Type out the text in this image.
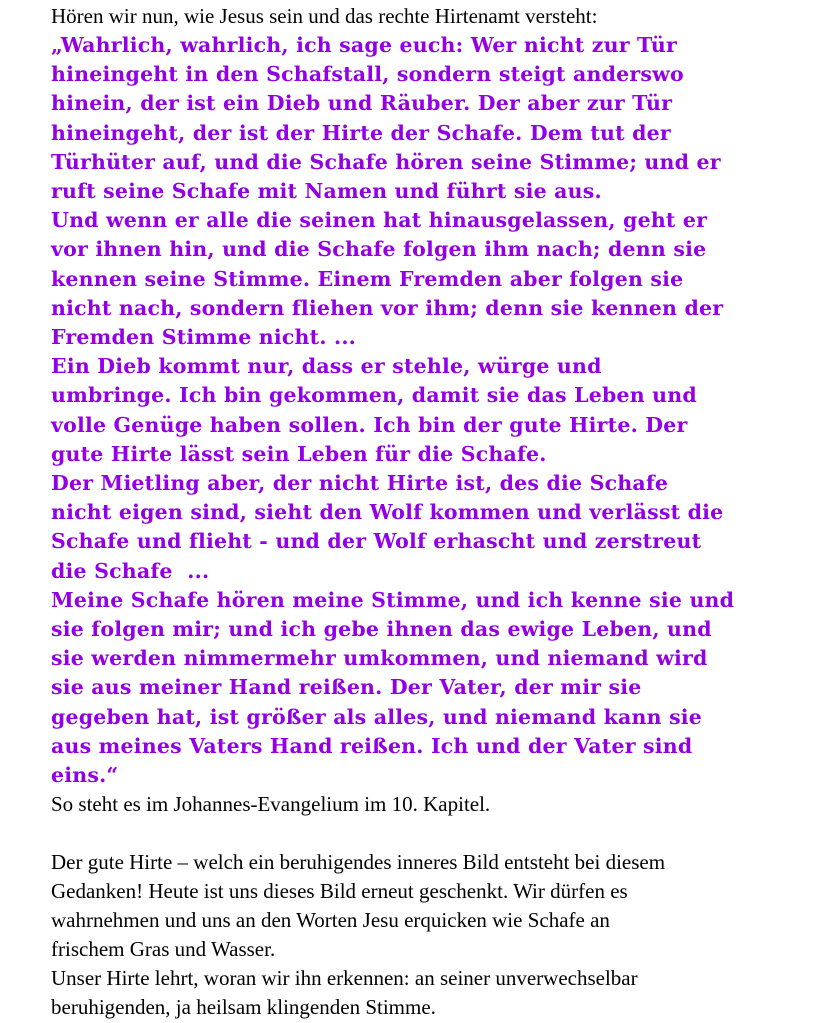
Hören wir nun, wie Jesus sein und das rechte Hirtenamt versteht:
„Wahrlich, wahrlich, ich sage euch: Wer nicht zur Tür
hineingeht in den Schafstall, sondern steigt anderswo
hinein, der ist ein Dieb und Räuber. Der aber zur Tür
hineingeht, der ist der Hirte der Schafe. Dem tut der
Türhüter auf, und die Schafe hören seine Stimme; und er
ruft seine Schafe mit Namen und führt sie aus.
Und wenn er alle die seinen hat hinausgelassen, geht er
vor ihnen hin, und die Schafe folgen ihm nach; denn sie
kennen seine Stimme. Einem Fremden aber folgen sie
nicht nach, sondern fliehen vor ihm; denn sie kennen der
Fremden Stimme nicht. ...
Ein Dieb kommt nur, dass er stehle, würge und
umbringe. Ich bin gekommen, damit sie das Leben und
volle Genüge haben sollen. Ich bin der gute Hirte. Der
gute Hirte lässt sein Leben für die Schafe.
Der Mietling aber, der nicht Hirte ist, des die Schafe
nicht eigen sind, sieht den Wolf kommen und verlässt die
Schafe und flieht - und der Wolf erhascht und zerstreut
die Schafe  ...
Meine Schafe hören meine Stimme, und ich kenne sie und
sie folgen mir; und ich gebe ihnen das ewige Leben, und
sie werden nimmermehr umkommen, und niemand wird
sie aus meiner Hand reißen. Der Vater, der mir sie
gegeben hat, ist größer als alles, und niemand kann sie
aus meines Vaters Hand reißen. Ich und der Vater sind
eins.“
So steht es im Johannes-Evangelium im 10. Kapitel.
Der gute Hirte – welch ein beruhigendes inneres Bild entsteht bei diesem
Gedanken! Heute ist uns dieses Bild erneut geschenkt. Wir dürfen es
wahrnehmen und uns an den Worten Jesu erquicken wie Schafe an
frischem Gras und Wasser.
Unser Hirte lehrt, woran wir ihn erkennen: an seiner unverwechselbar
beruhigenden, ja heilsam klingenden Stimme.
